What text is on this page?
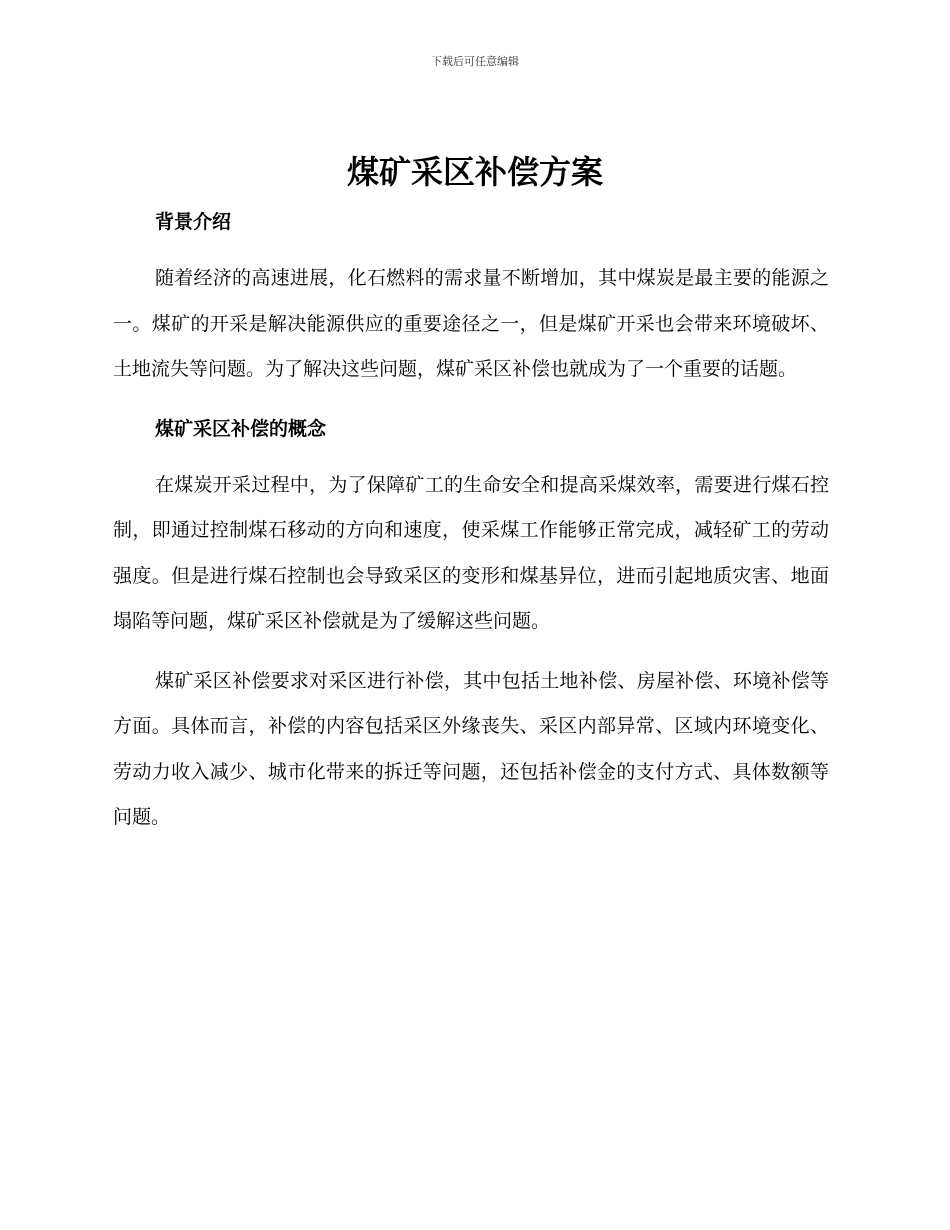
下载后可任意编辑
煤矿采区补偿方案
背景介绍

随着经济的高速进展，化石燃料的需求量不断增加，其中煤炭是最主要的能源之一。煤矿的开采是解决能源供应的重要途径之一，但是煤矿开采也会带来环境破坏、土地流失等问题。为了解决这些问题，煤矿采区补偿也就成为了一个重要的话题。

煤矿采区补偿的概念

在煤炭开采过程中，为了保障矿工的生命安全和提高采煤效率，需要进行煤石控制，即通过控制煤石移动的方向和速度，使采煤工作能够正常完成，减轻矿工的劳动强度。但是进行煤石控制也会导致采区的变形和煤基异位，进而引起地质灾害、地面塌陷等问题，煤矿采区补偿就是为了缓解这些问题。

煤矿采区补偿要求对采区进行补偿，其中包括土地补偿、房屋补偿、环境补偿等方面。具体而言，补偿的内容包括采区外缘丧失、采区内部异常、区域内环境变化、劳动力收入减少、城市化带来的拆迁等问题，还包括补偿金的支付方式、具体数额等问题。
